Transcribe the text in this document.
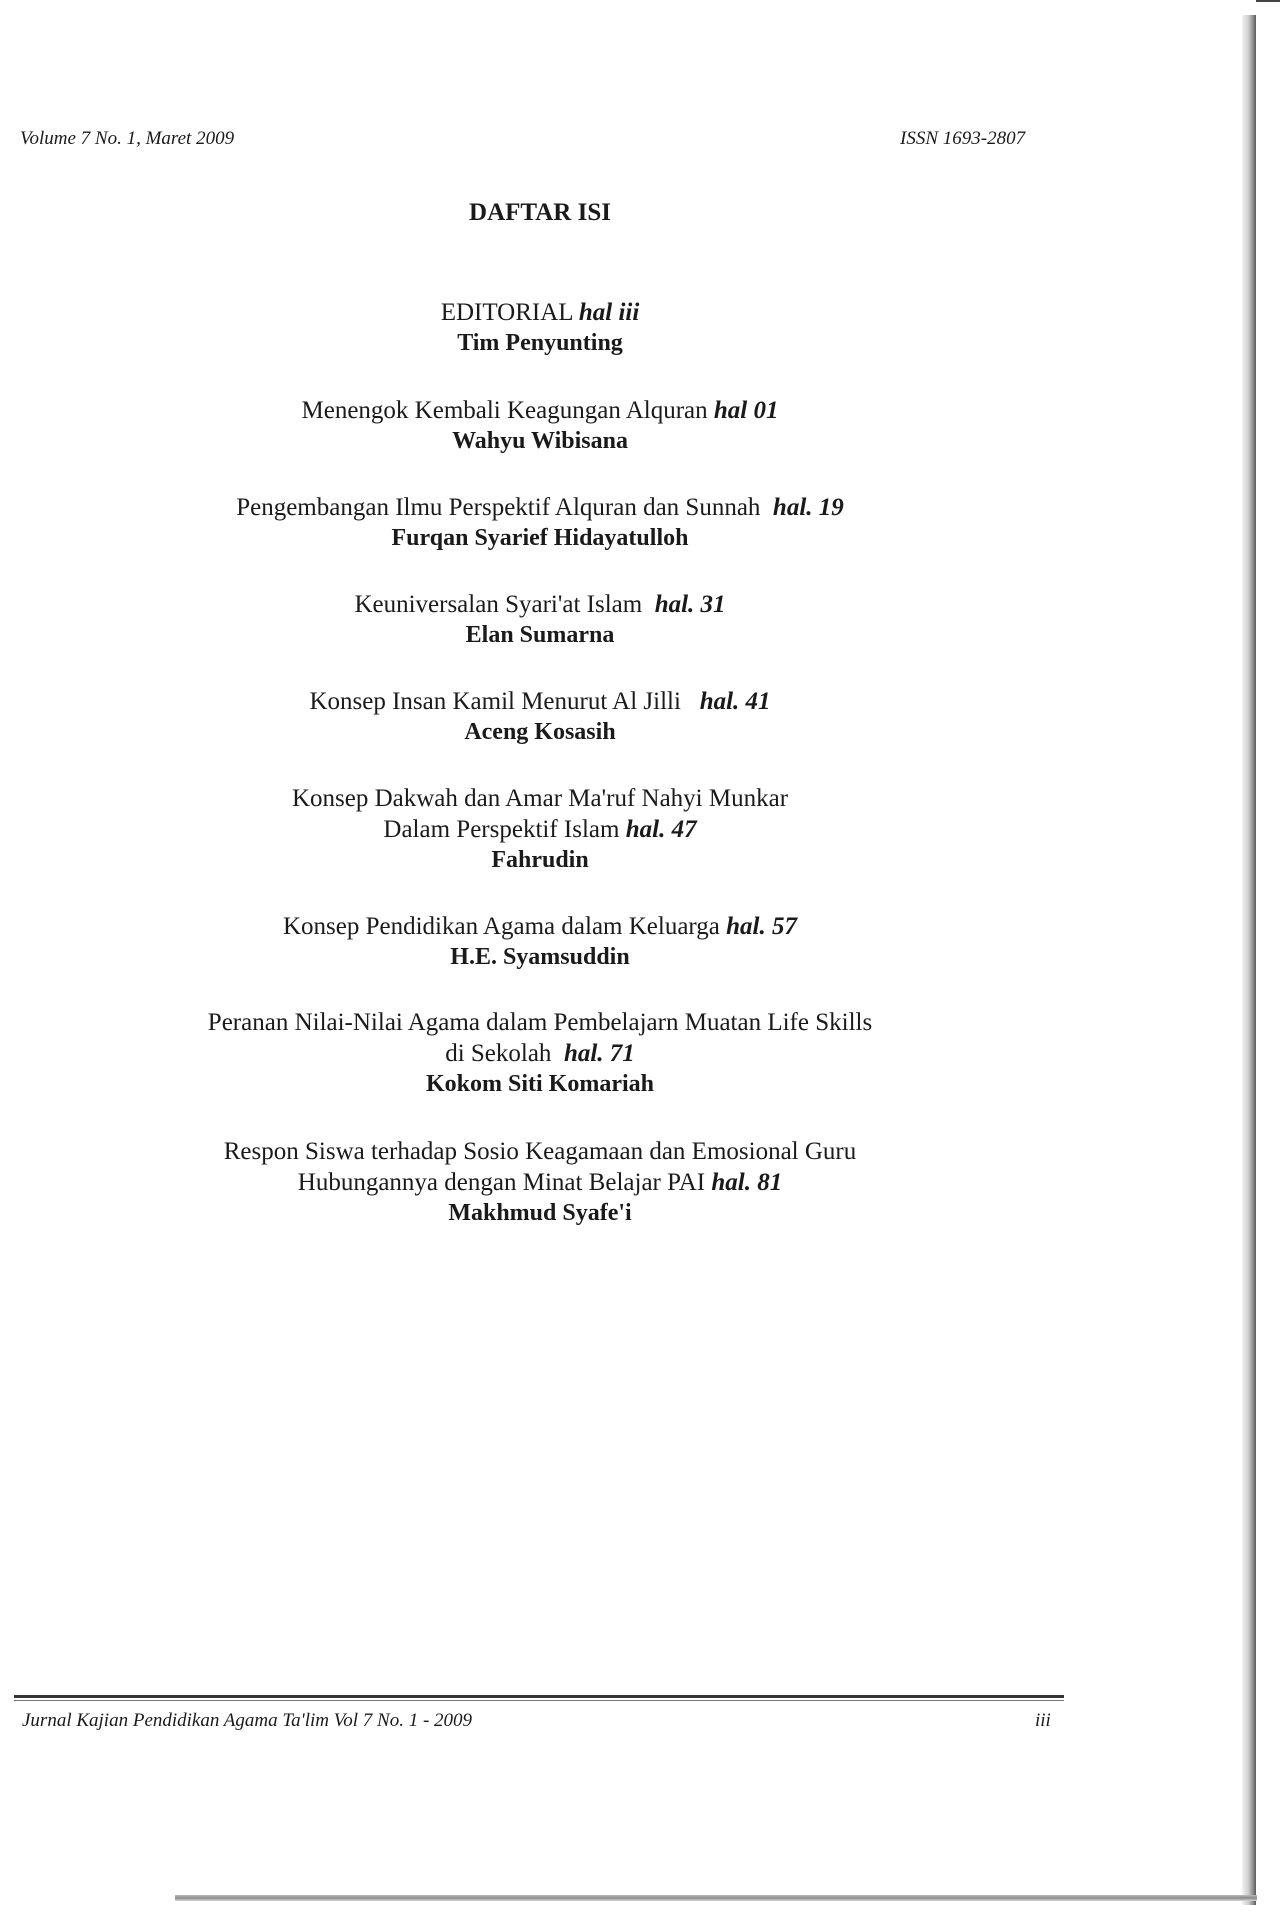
Volume 7 No. 1, Maret 2009	ISSN 1693-2807
DAFTAR ISI
EDITORIAL hal iii
Tim Penyunting
Menengok Kembali Keagungan Alquran hal 01
Wahyu Wibisana
Pengembangan Ilmu Perspektif Alquran dan Sunnah hal. 19
Furqan Syarief Hidayatulloh
Keuniversalan Syari'at Islam hal. 31
Elan Sumarna
Konsep Insan Kamil Menurut Al Jilli hal. 41
Aceng Kosasih
Konsep Dakwah dan Amar Ma'ruf Nahyi Munkar
Dalam Perspektif Islam hal. 47
Fahrudin
Konsep Pendidikan Agama dalam Keluarga hal. 57
H.E. Syamsuddin
Peranan Nilai-Nilai Agama dalam Pembelajarn Muatan Life Skills
di Sekolah hal. 71
Kokom Siti Komariah
Respon Siswa terhadap Sosio Keagamaan dan Emosional Guru
Hubungannya dengan Minat Belajar PAI hal. 81
Makhmud Syafe'i
Jurnal Kajian Pendidikan Agama Ta'lim Vol 7 No. 1 - 2009	iii
